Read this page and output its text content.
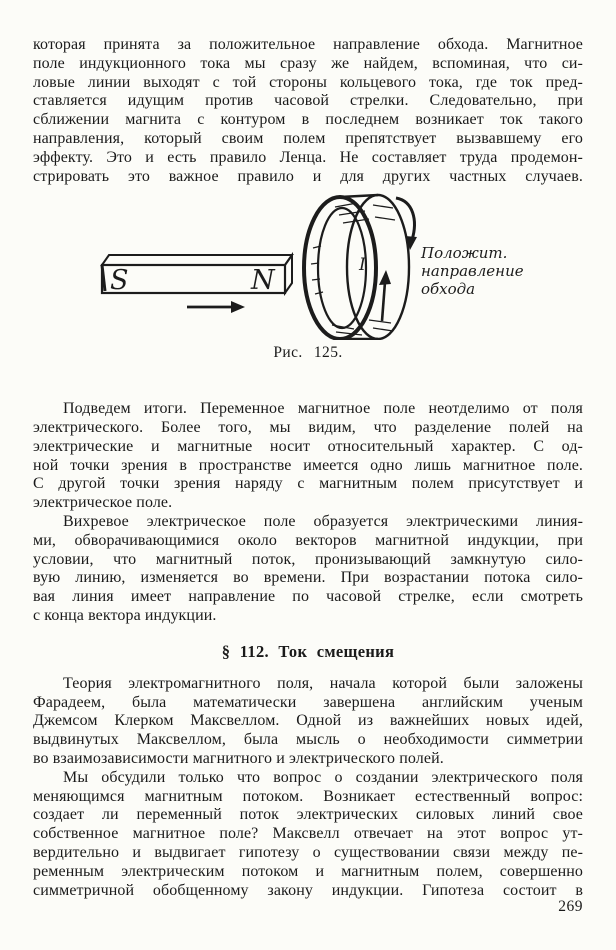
которая принята за положительное направление обхода. Магнитное
поле индукционного тока мы сразу же найдем, вспоминая, что си-
ловые линии выходят с той стороны кольцевого тока, где ток пред-
ставляется идущим против часовой стрелки. Следовательно, при
сближении магнита с контуром в последнем возникает ток такого
направления, который своим полем препятствует вызвавшему его
эффекту. Это и есть правило Ленца. Не составляет труда продемон-
стрировать это важное правило и для других частных случаев.
S	N	I
Положит.
направление
обхода
Рис. 125.
Подведем итоги. Переменное магнитное поле неотделимо от поля
электрического. Более того, мы видим, что разделение полей на
электрические и магнитные носит относительный характер. С од-
ной точки зрения в пространстве имеется одно лишь магнитное поле.
С другой точки зрения наряду с магнитным полем присутствует и
электрическое поле.
Вихревое электрическое поле образуется электрическими линия-
ми, обворачивающимися около векторов магнитной индукции, при
условии, что магнитный поток, пронизывающий замкнутую сило-
вую линию, изменяется во времени. При возрастании потока сило-
вая линия имеет направление по часовой стрелке, если смотреть
с конца вектора индукции.
§ 112. Ток смещения
Теория электромагнитного поля, начала которой были заложены
Фарадеем, была математически завершена английским ученым
Джемсом Клерком Максвеллом. Одной из важнейших новых идей,
выдвинутых Максвеллом, была мысль о необходимости симметрии
во взаимозависимости магнитного и электрического полей.
Мы обсудили только что вопрос о создании электрического поля
меняющимся магнитным потоком. Возникает естественный вопрос:
создает ли переменный поток электрических силовых линий свое
собственное магнитное поле? Максвелл отвечает на этот вопрос ут-
вердительно и выдвигает гипотезу о существовании связи между пе-
ременным электрическим потоком и магнитным полем, совершенно
симметричной обобщенному закону индукции. Гипотеза состоит в
269
